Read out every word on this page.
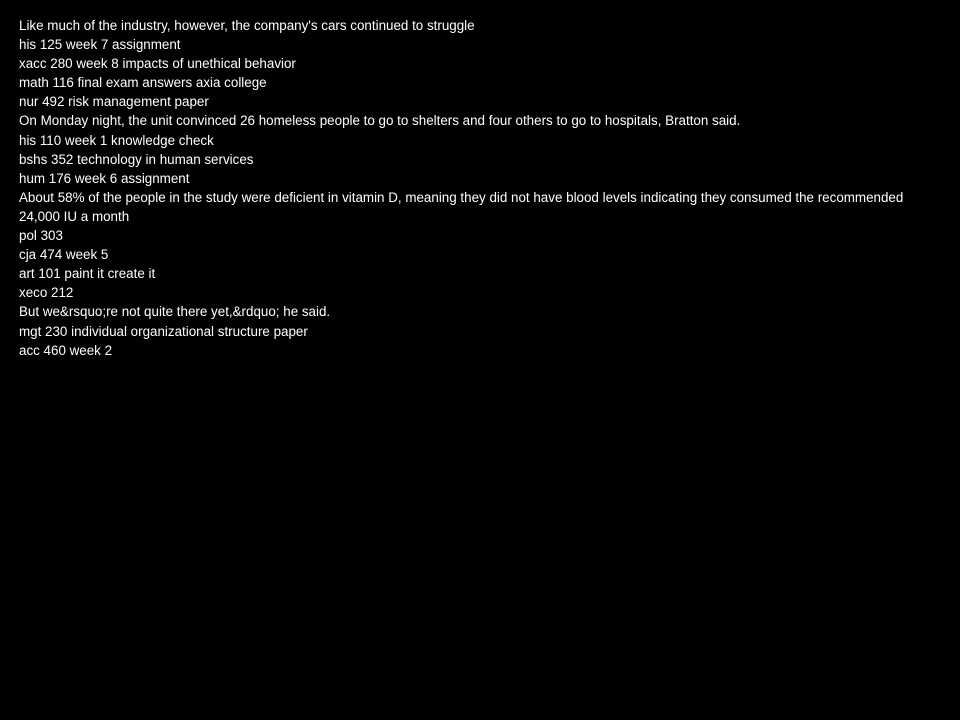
Like much of the industry, however, the company's cars continued to struggle

his 125 week 7 assignment

xacc 280 week 8 impacts of unethical behavior

math 116 final exam answers axia college

nur 492 risk management paper

On Monday night, the unit convinced 26 homeless people to go to shelters and four others to go to hospitals, Bratton said.

his 110 week 1 knowledge check

bshs 352 technology in human services

hum 176 week 6 assignment

About 58% of the people in the study were deficient in vitamin D, meaning they did not have blood levels indicating they consumed the recommended 24,000 IU a month

pol 303

cja 474 week 5

art 101 paint it create it

xeco 212

But we&rsquo;re not quite there yet,&rdquo; he said.

mgt 230 individual organizational structure paper

acc 460 week 2
